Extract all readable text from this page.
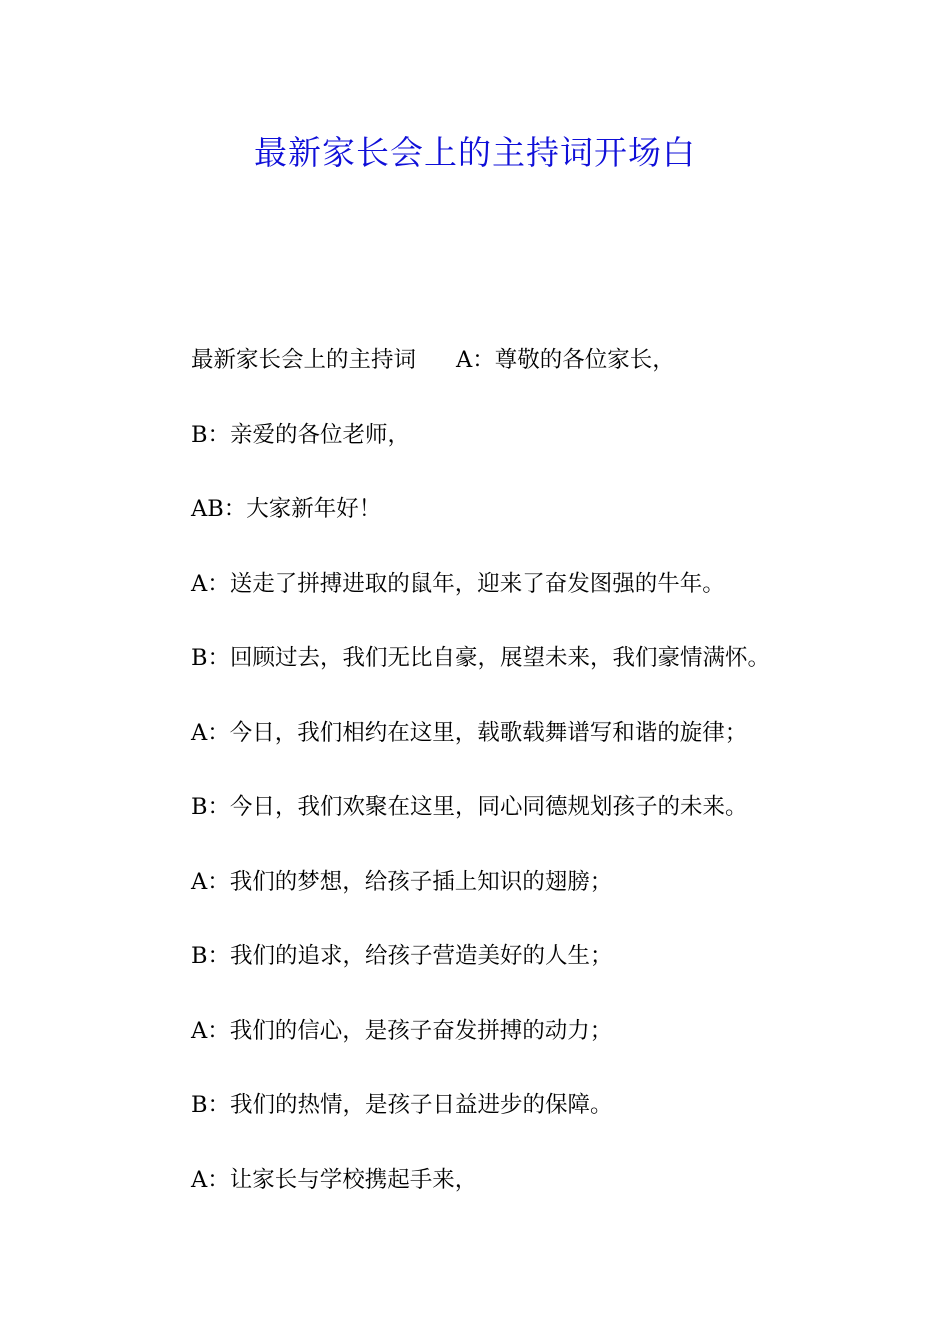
最新家长会上的主持词开场白
最新家长会上的主持词 A：尊敬的各位家长，
B：亲爱的各位老师，
AB：大家新年好！
A：送走了拼搏进取的鼠年，迎来了奋发图强的牛年。
B：回顾过去，我们无比自豪，展望未来，我们豪情满怀。
A：今日，我们相约在这里，载歌载舞谱写和谐的旋律；
B：今日，我们欢聚在这里，同心同德规划孩子的未来。
A：我们的梦想，给孩子插上知识的翅膀；
B：我们的追求，给孩子营造美好的人生；
A：我们的信心，是孩子奋发拼搏的动力；
B：我们的热情，是孩子日益进步的保障。
A：让家长与学校携起手来，
